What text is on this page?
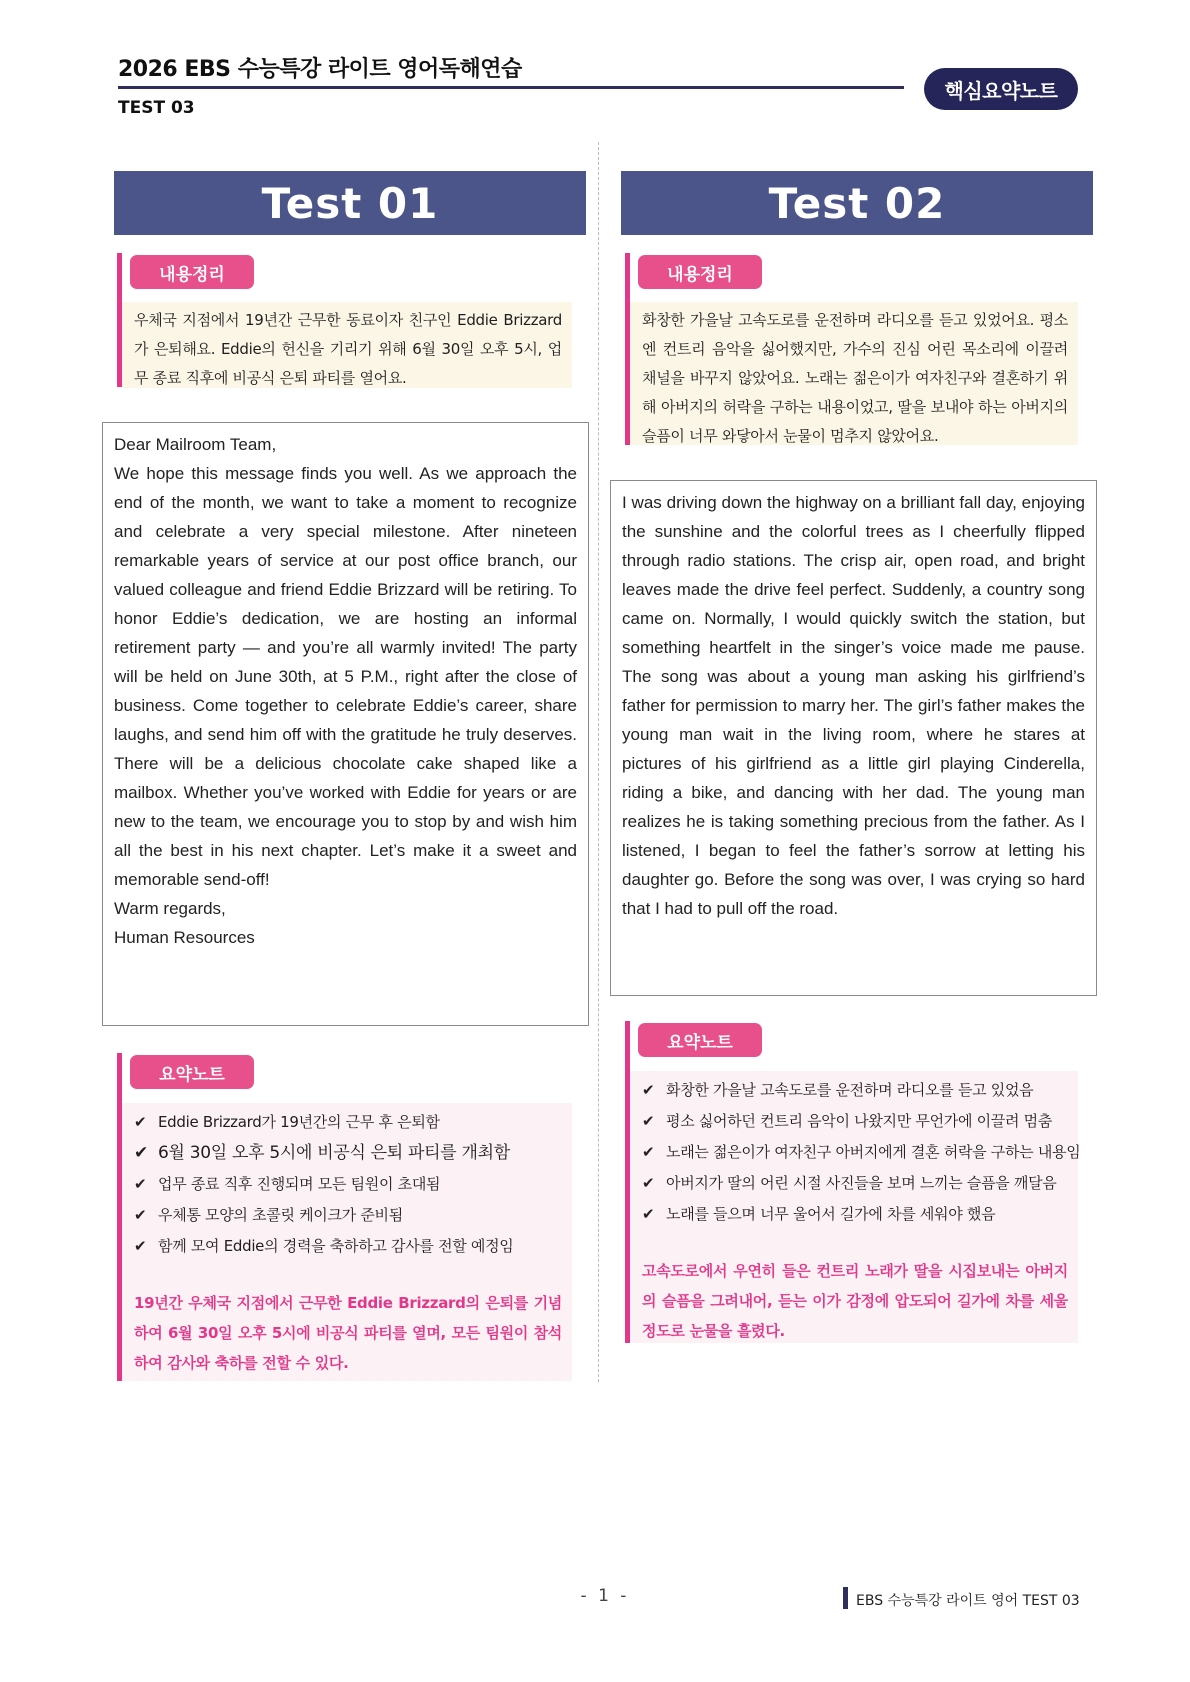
2026 EBS 수능특강 라이트 영어독해연습
TEST 03
핵심요약노트
Test 01
내용정리
우체국 지점에서 19년간 근무한 동료이자 친구인 Eddie Brizzard가 은퇴해요. Eddie의 헌신을 기리기 위해 6월 30일 오후 5시, 업무 종료 직후에 비공식 은퇴 파티를 열어요.

Dear Mailroom Team,

We hope this message finds you well. As we approach the end of the month, we want to take a moment to recognize and celebrate a very special milestone. After nineteen remarkable years of service at our post office branch, our valued colleague and friend Eddie Brizzard will be retiring. To honor Eddie’s dedication, we are hosting an informal retirement party — and you’re all warmly invited! The party will be held on June 30th, at 5 P.M., right after the close of business. Come together to celebrate Eddie’s career, share laughs, and send him off with the gratitude he truly deserves. There will be a delicious chocolate cake shaped like a mailbox. Whether you’ve worked with Eddie for years or are new to the team, we encourage you to stop by and wish him all the best in his next chapter. Let’s make it a sweet and memorable send-off!

Warm regards,

Human Resources

요약노트
✔ Eddie Brizzard가 19년간의 근무 후 은퇴함
✔ 6월 30일 오후 5시에 비공식 은퇴 파티를 개최함
✔ 업무 종료 직후 진행되며 모든 팀원이 초대됨
✔ 우체통 모양의 초콜릿 케이크가 준비됨
✔ 함께 모여 Eddie의 경력을 축하하고 감사를 전할 예정임
19년간 우체국 지점에서 근무한 Eddie Brizzard의 은퇴를 기념하여 6월 30일 오후 5시에 비공식 파티를 열며, 모든 팀원이 참석하여 감사와 축하를 전할 수 있다.
Test 02
내용정리
화창한 가을날 고속도로를 운전하며 라디오를 듣고 있었어요. 평소엔 컨트리 음악을 싫어했지만, 가수의 진심 어린 목소리에 이끌려 채널을 바꾸지 않았어요. 노래는 젊은이가 여자친구와 결혼하기 위해 아버지의 허락을 구하는 내용이었고, 딸을 보내야 하는 아버지의 슬픔이 너무 와닿아서 눈물이 멈추지 않았어요.

I was driving down the highway on a brilliant fall day, enjoying the sunshine and the colorful trees as I cheerfully flipped through radio stations. The crisp air, open road, and bright leaves made the drive feel perfect. Suddenly, a country song came on. Normally, I would quickly switch the station, but something heartfelt in the singer’s voice made me pause. The song was about a young man asking his girlfriend’s father for permission to marry her. The girl’s father makes the young man wait in the living room, where he stares at pictures of his girlfriend as a little girl playing Cinderella, riding a bike, and dancing with her dad. The young man realizes he is taking something precious from the father. As I listened, I began to feel the father’s sorrow at letting his daughter go. Before the song was over, I was crying so hard that I had to pull off the road.

요약노트
✔ 화창한 가을날 고속도로를 운전하며 라디오를 듣고 있었음
✔ 평소 싫어하던 컨트리 음악이 나왔지만 무언가에 이끌려 멈춤
✔ 노래는 젊은이가 여자친구 아버지에게 결혼 허락을 구하는 내용임
✔ 아버지가 딸의 어린 시절 사진들을 보며 느끼는 슬픔을 깨달음
✔ 노래를 들으며 너무 울어서 길가에 차를 세워야 했음
고속도로에서 우연히 들은 컨트리 노래가 딸을 시집보내는 아버지의 슬픔을 그려내어, 듣는 이가 감정에 압도되어 길가에 차를 세울 정도로 눈물을 흘렸다.
- 1 -	EBS 수능특강 라이트 영어 TEST 03
